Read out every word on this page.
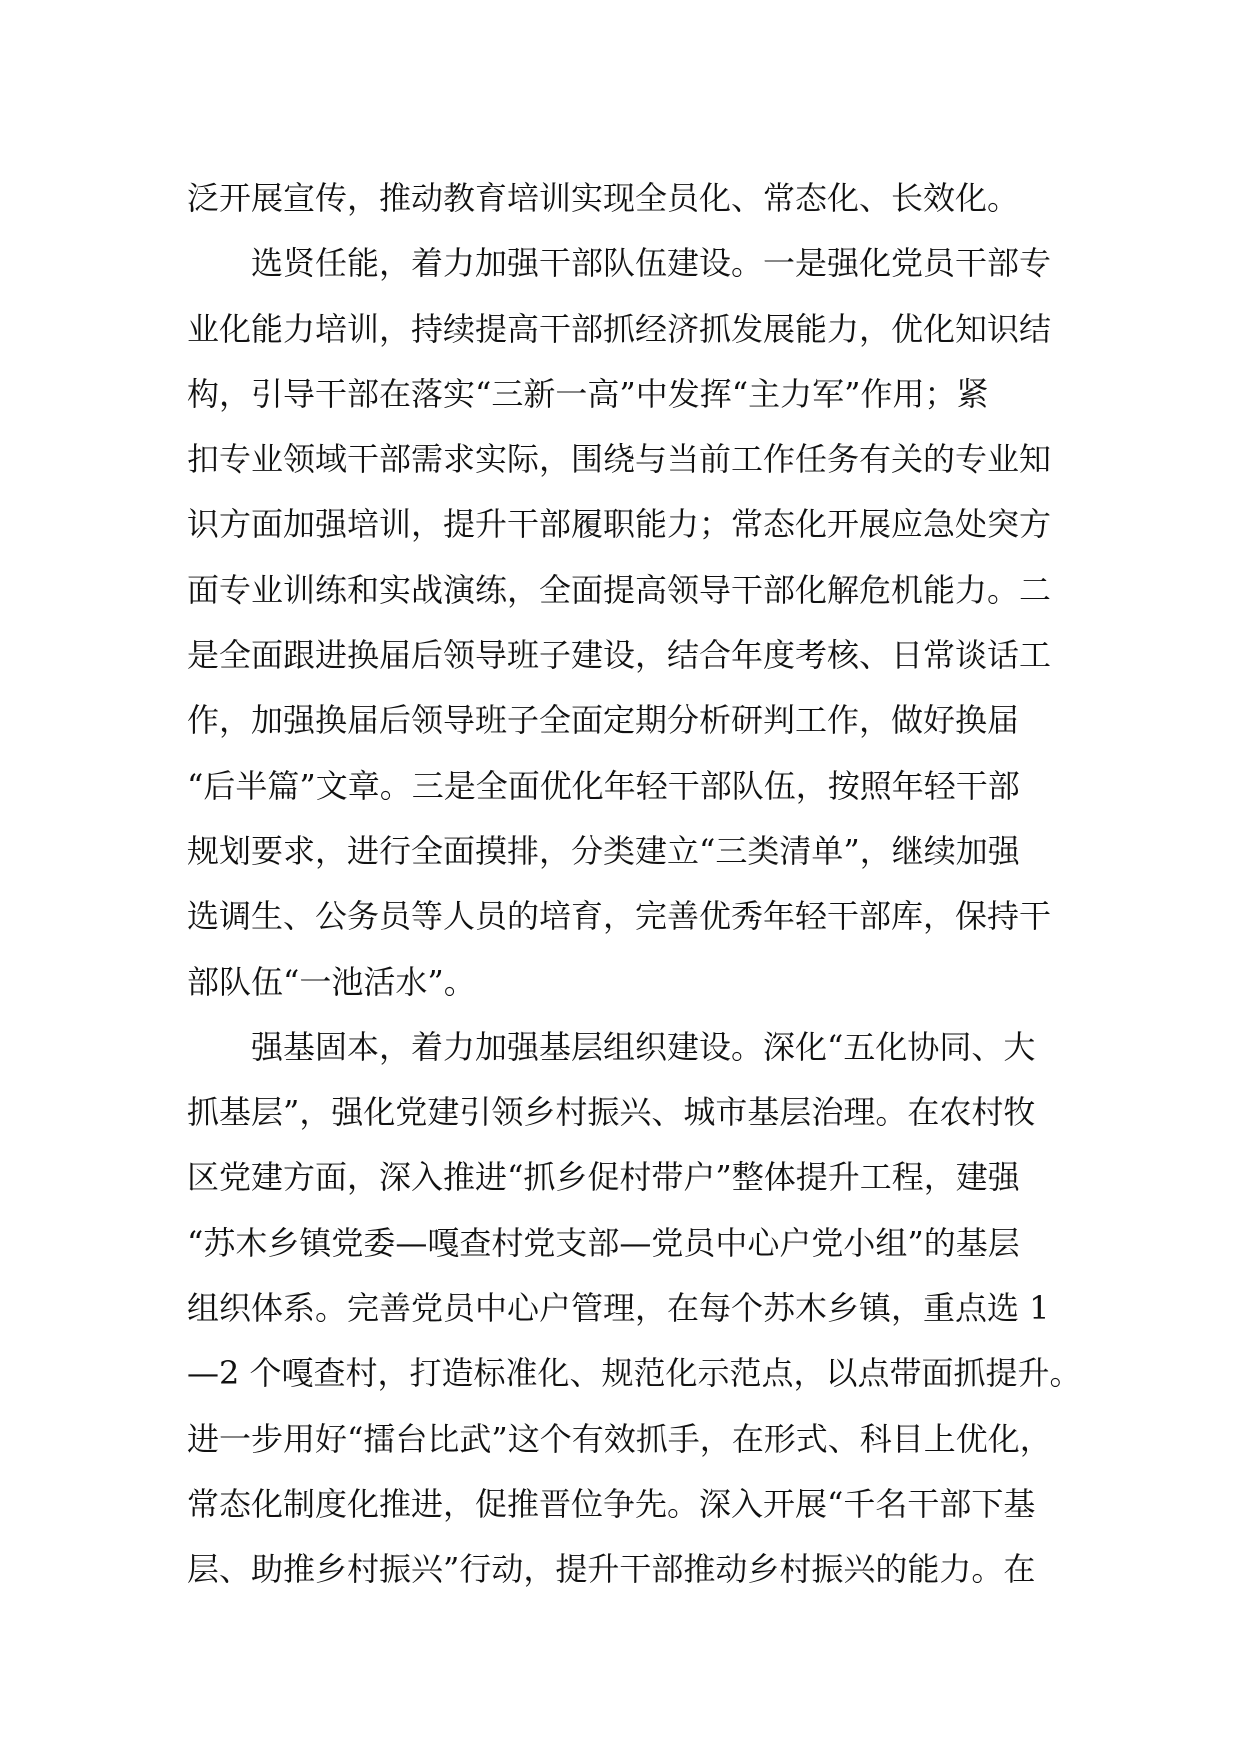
泛开展宣传，推动教育培训实现全员化、常态化、长效化。
选贤任能，着力加强干部队伍建设。一是强化党员干部专
业化能力培训，持续提高干部抓经济抓发展能力，优化知识结
构，引导干部在落实“三新一高”中发挥“主力军”作用；紧
扣专业领域干部需求实际，围绕与当前工作任务有关的专业知
识方面加强培训，提升干部履职能力；常态化开展应急处突方
面专业训练和实战演练，全面提高领导干部化解危机能力。二
是全面跟进换届后领导班子建设，结合年度考核、日常谈话工
作，加强换届后领导班子全面定期分析研判工作，做好换届
“后半篇”文章。三是全面优化年轻干部队伍，按照年轻干部
规划要求，进行全面摸排，分类建立“三类清单”，继续加强
选调生、公务员等人员的培育，完善优秀年轻干部库，保持干
部队伍“一池活水”。
强基固本，着力加强基层组织建设。深化“五化协同、大
抓基层”，强化党建引领乡村振兴、城市基层治理。在农村牧
区党建方面，深入推进“抓乡促村带户”整体提升工程，建强
“苏木乡镇党委—嘎查村党支部—党员中心户党小组”的基层
组织体系。完善党员中心户管理，在每个苏木乡镇，重点选 1
—2 个嘎查村，打造标准化、规范化示范点，以点带面抓提升。
进一步用好“擂台比武”这个有效抓手，在形式、科目上优化，
常态化制度化推进，促推晋位争先。深入开展“千名干部下基
层、助推乡村振兴”行动，提升干部推动乡村振兴的能力。在
